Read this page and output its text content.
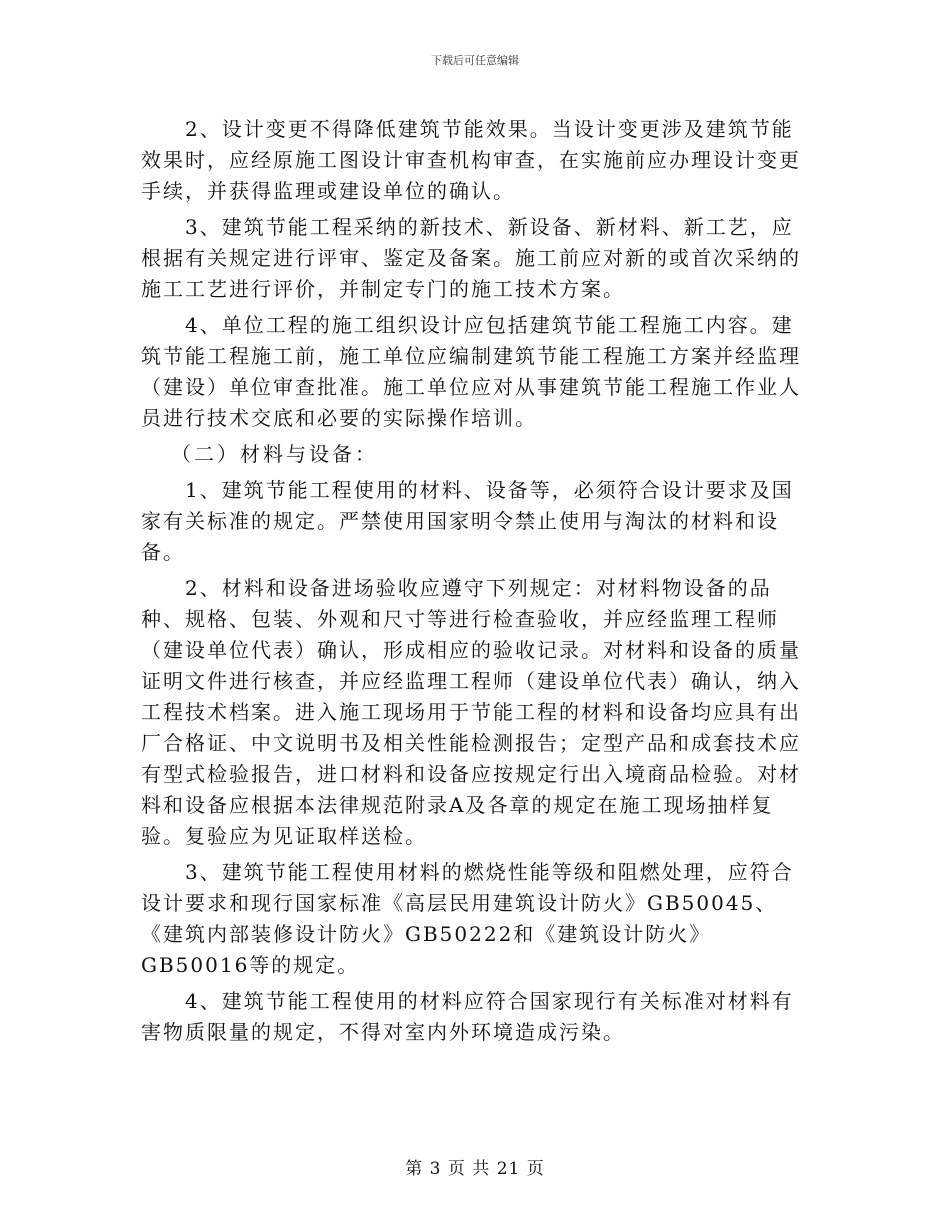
下载后可任意编辑

2、设计变更不得降低建筑节能效果。当设计变更涉及建筑节能效果时，应经原施工图设计审查机构审查，在实施前应办理设计变更手续，并获得监理或建设单位的确认。

3、建筑节能工程采纳的新技术、新设备、新材料、新工艺，应根据有关规定进行评审、鉴定及备案。施工前应对新的或首次采纳的施工工艺进行评价，并制定专门的施工技术方案。

4、单位工程的施工组织设计应包括建筑节能工程施工内容。建筑节能工程施工前，施工单位应编制建筑节能工程施工方案并经监理（建设）单位审查批准。施工单位应对从事建筑节能工程施工作业人员进行技术交底和必要的实际操作培训。

（二）材料与设备：

1、建筑节能工程使用的材料、设备等，必须符合设计要求及国家有关标准的规定。严禁使用国家明令禁止使用与淘汰的材料和设备。

2、材料和设备进场验收应遵守下列规定：对材料物设备的品种、规格、包装、外观和尺寸等进行检查验收，并应经监理工程师（建设单位代表）确认，形成相应的验收记录。对材料和设备的质量证明文件进行核查，并应经监理工程师（建设单位代表）确认，纳入工程技术档案。进入施工现场用于节能工程的材料和设备均应具有出厂合格证、中文说明书及相关性能检测报告；定型产品和成套技术应有型式检验报告，进口材料和设备应按规定行出入境商品检验。对材料和设备应根据本法律规范附录A及各章的规定在施工现场抽样复验。复验应为见证取样送检。

3、建筑节能工程使用材料的燃烧性能等级和阻燃处理，应符合设计要求和现行国家标准《高层民用建筑设计防火》GB50045、《建筑内部装修设计防火》GB50222和《建筑设计防火》GB50016等的规定。

4、建筑节能工程使用的材料应符合国家现行有关标准对材料有害物质限量的规定，不得对室内外环境造成污染。

第 3 页 共 21 页
